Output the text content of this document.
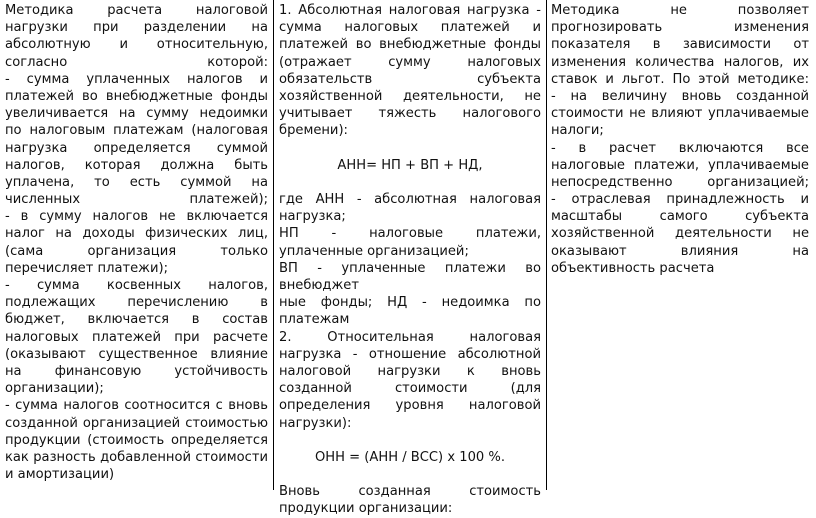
Методика расчета налоговой
нагрузки при разделении на
абсолютную и относительную,
согласно которой:
- сумма уплаченных налогов и
платежей во внебюджетные фонды
увеличивается на сумму недоимки
по налоговым платежам (налоговая
нагрузка определяется суммой
налогов, которая должна быть
уплачена, то есть суммой на
численных платежей);
- в сумму налогов не включается
налог на доходы физических лиц,
(сама организация только
перечисляет платежи);
- сумма косвенных налогов,
подлежащих перечислению в
бюджет, включается в состав
налоговых платежей при расчете
(оказывают существенное влияние
на финансовую устойчивость
организации);
- сумма налогов соотносится с вновь
созданной организацией стоимостью
продукции (стоимость определяется
как разность добавленной стоимости
и амортизации)
1. Абсолютная налоговая нагрузка -
сумма налоговых платежей и
платежей во внебюджетные фонды
(отражает сумму налоговых
обязательств субъекта
хозяйственной деятельности, не
учитывает тяжесть налогового
бремени):
АНН= НП + ВП + НД,
где АНН - абсолютная налоговая
нагрузка;
НП - налоговые платежи,
уплаченные организацией;
ВП - уплаченные платежи во
внебюджет
ные фонды; НД - недоимка по
платежам
2. Относительная налоговая
нагрузка - отношение абсолютной
налоговой нагрузки к вновь
созданной стоимости (для
определения уровня налоговой
нагрузки):
ОНН = (АНН / ВСС) х 100 %.
Вновь созданная стоимость
продукции организации:
Методика не позволяет
прогнозировать изменения
показателя в зависимости от
изменения количества налогов, их
ставок и льгот. По этой методике:
- на величину вновь созданной
стоимости не влияют уплачиваемые
налоги;
- в расчет включаются все
налоговые платежи, уплачиваемые
непосредственно организацией;
- отраслевая принадлежность и
масштабы самого субъекта
хозяйственной деятельности не
оказывают влияния на
объективность расчета
